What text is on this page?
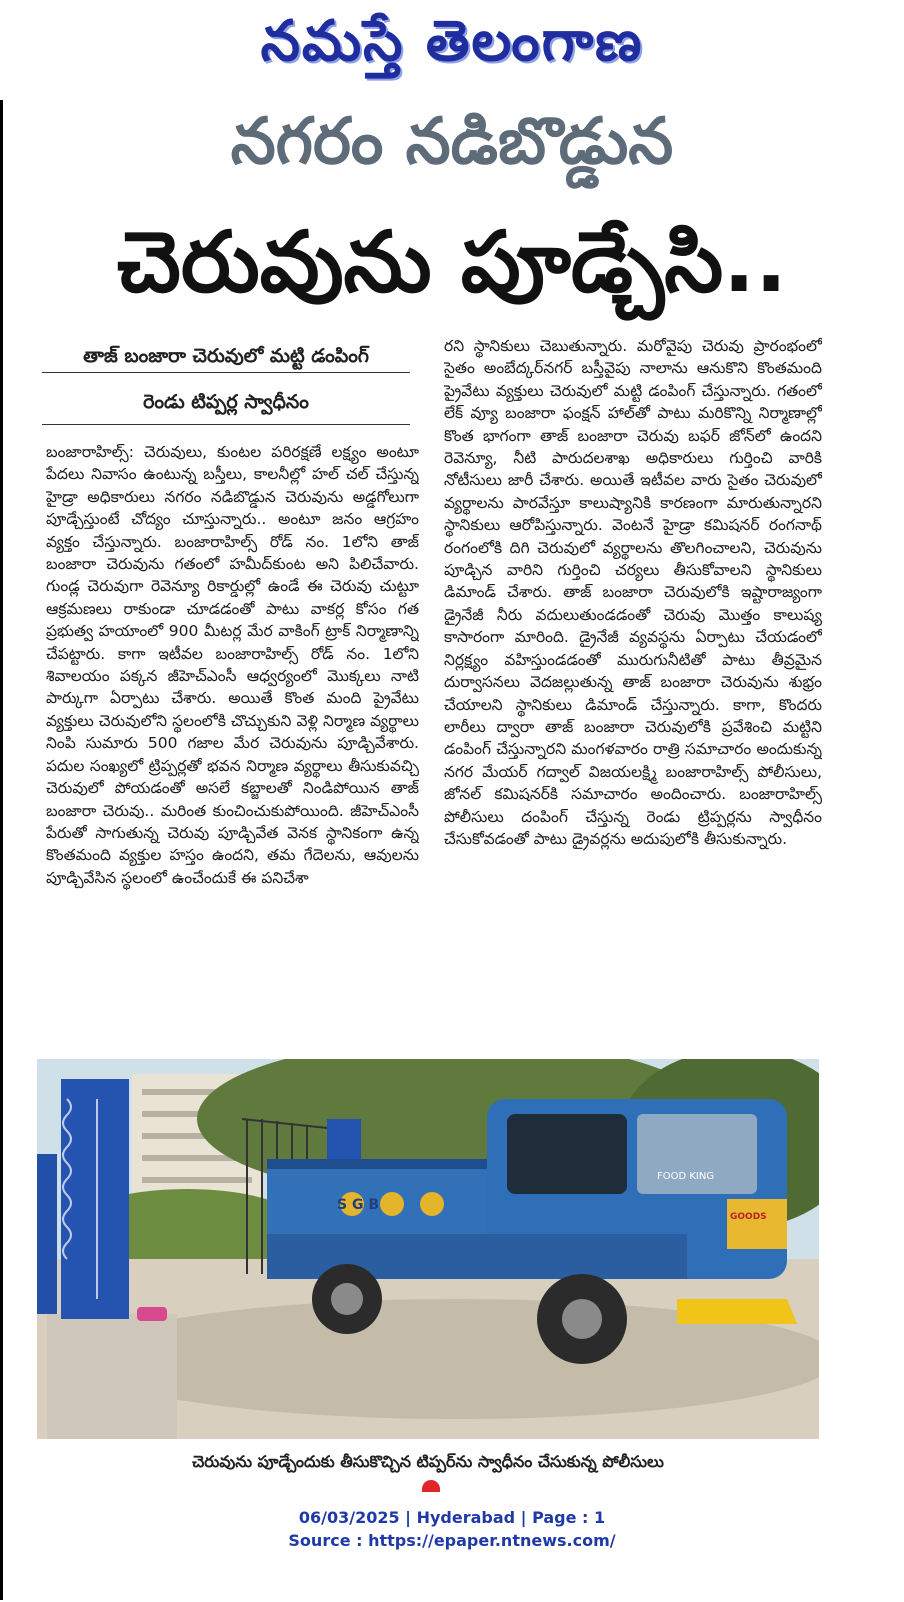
నమస్తే తెలంగాణ
నగరం నడిబొడ్డున
చెరువును పూడ్చేసి..
తాజ్ బంజారా చెరువులో మట్టి డంపింగ్
రెండు టిప్పర్ల స్వాధీనం

బంజారాహిల్స్: చెరువులు, కుంటల పరిరక్షణే లక్ష్యం అంటూ పేదలు నివాసం ఉంటున్న బస్తీలు, కాలనీల్లో హల్ చల్ చేస్తున్న హైడ్రా అధికారులు నగరం నడిబొడ్డున చెరువును అడ్డగోలుగా పూడ్చేస్తుంటే చోద్యం చూస్తున్నారు.. అంటూ జనం ఆగ్రహం వ్యక్తం చేస్తున్నారు. బంజారాహిల్స్ రోడ్ నం. 1లోని తాజ్ బంజారా చెరువును గతంలో హమీద్‌కుంట అని పిలిచేవారు. గుండ్ల చెరువుగా రెవెన్యూ రికార్డుల్లో ఉండే ఈ చెరువు చుట్టూ ఆక్రమణలు రాకుండా చూడడంతో పాటు వాకర్ల కోసం గత ప్రభుత్వ హయాంలో 900 మీటర్ల మేర వాకింగ్ ట్రాక్ నిర్మాణాన్ని చేపట్టారు. కాగా ఇటీవల బంజారాహిల్స్ రోడ్ నం. 1లోని శివాలయం పక్కన జీహెచ్‌ఎంసీ ఆధ్వర్యంలో మొక్కలు నాటి పార్కుగా ఏర్పాటు చేశారు. అయితే కొంత మంది ప్రైవేటు వ్యక్తులు చెరువులోని స్థలంలోకి చొచ్చుకుని వెళ్లి నిర్మాణ వ్యర్థాలు నింపి సుమారు 500 గజాల మేర చెరువును పూడ్చివేశారు. పదుల సంఖ్యలో ట్రిప్పర్లతో భవన నిర్మాణ వ్యర్థాలు తీసుకువచ్చి చెరువులో పోయడంతో అసలే కబ్జాలతో నిండిపోయిన తాజ్ బంజారా చెరువు.. మరింత కుంచించుకుపోయింది. జీహెచ్‌ఎంసీ పేరుతో సాగుతున్న చెరువు పూడ్చివేత వెనక స్థానికంగా ఉన్న కొంతమంది వ్యక్తుల హస్తం ఉందని, తమ గేదెలను, ఆవులను పూడ్చివేసిన స్థలంలో ఉంచేందుకే ఈ పనిచేశా

రని స్థానికులు చెబుతున్నారు. మరోవైపు చెరువు ప్రారంభంలో సైతం అంబేద్కర్‌నగర్ బస్తీవైపు నాలాను ఆనుకొని కొంతమంది ప్రైవేటు వ్యక్తులు చెరువులో మట్టి డంపింగ్ చేస్తున్నారు. గతంలో లేక్ వ్యూ బంజారా ఫంక్షన్ హాల్‌తో పాటు మరికొన్ని నిర్మాణాల్లో కొంత భాగంగా తాజ్ బంజారా చెరువు బఫర్ జోన్‌లో ఉందని రెవెన్యూ, నీటి పారుదలశాఖ అధికారులు గుర్తించి వారికి నోటీసులు జారీ చేశారు. అయితే ఇటీవల వారు సైతం చెరువులో వ్యర్థాలను పారవేస్తూ కాలుష్యానికి కారణంగా మారుతున్నారని స్థానికులు ఆరోపిస్తున్నారు. వెంటనే హైడ్రా కమిషనర్ రంగనాథ్ రంగంలోకి దిగి చెరువులో వ్యర్థాలను తొలగించాలని, చెరువును పూడ్చిన వారిని గుర్తించి చర్యలు తీసుకోవాలని స్థానికులు డిమాండ్ చేశారు. తాజ్ బంజారా చెరువులోకి ఇష్టారాజ్యంగా డ్రైనేజీ నీరు వదులుతుండడంతో చెరువు మొత్తం కాలుష్య కాసారంగా మారింది. డ్రైనేజీ వ్యవస్థను ఏర్పాటు చేయడంలో నిర్లక్ష్యం వహిస్తుండడంతో మురుగునీటితో పాటు తీవ్రమైన దుర్వాసనలు వెదజల్లుతున్న తాజ్ బంజారా చెరువును శుభ్రం చేయాలని స్థానికులు డిమాండ్ చేస్తున్నారు. కాగా, కొందరు లారీలు ద్వారా తాజ్ బంజారా చెరువులోకి ప్రవేశించి మట్టిని డంపింగ్ చేస్తున్నారని మంగళవారం రాత్రి సమాచారం అందుకున్న నగర మేయర్ గద్వాల్ విజయలక్ష్మి బంజారాహిల్స్ పోలీసులు, జోనల్ కమిషనర్‌కి సమాచారం అందించారు. బంజారాహిల్స్ పోలీసులు దంపింగ్ చేస్తున్న రెండు ట్రిప్పర్లను స్వాధీనం చేసుకోవడంతో పాటు డ్రైవర్లను అదుపులోకి తీసుకున్నారు.

S G B
FOOD KING
GOODS
చెరువును పూడ్చేందుకు తీసుకొచ్చిన టిప్పర్‌ను స్వాధీనం చేసుకున్న పోలీసులు
06/03/2025 | Hyderabad | Page : 1
Source : https://epaper.ntnews.com/
